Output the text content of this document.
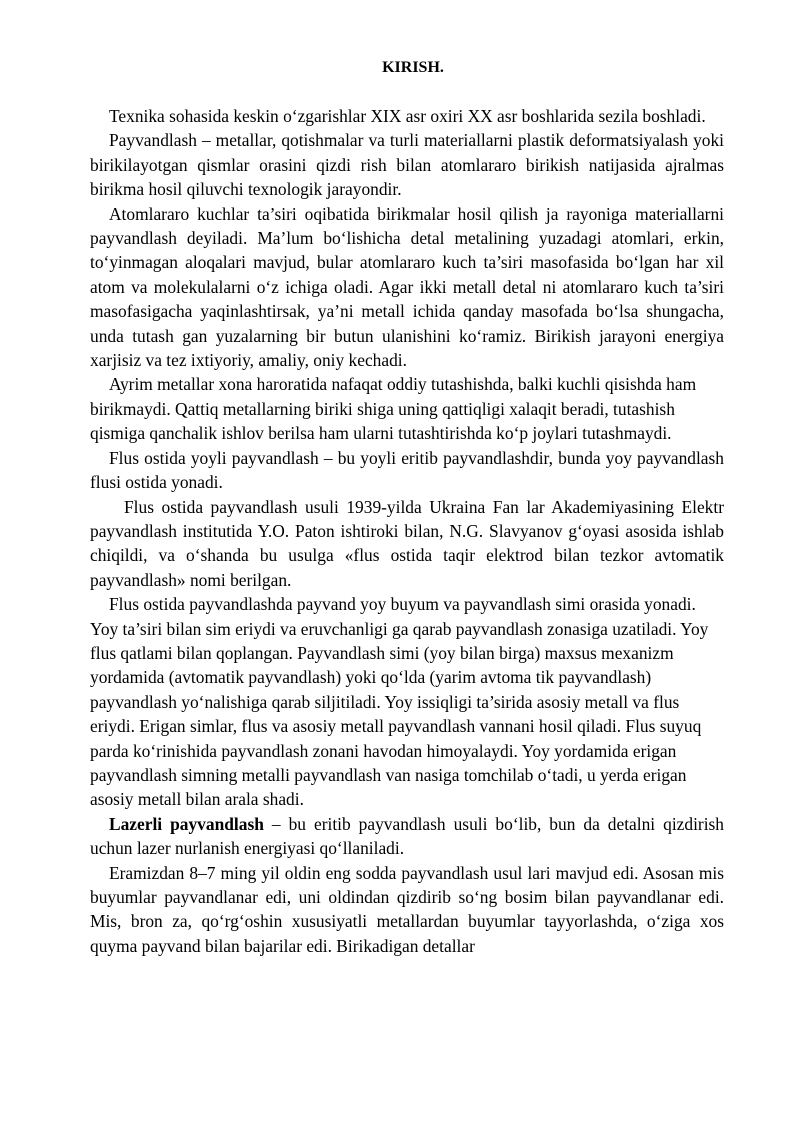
KIRISH.

Texnika sohasida keskin o‘zgarishlar XIX asr oxiri XX asr boshlarida sezila boshladi.

Payvandlash – metallar, qotishmalar va turli materiallarni plastik deformatsiyalash yoki birikilayotgan qismlar orasini qizdi rish bilan atomlararo birikish natijasida ajralmas birikma hosil qiluvchi texnologik jarayondir.

Atomlararo kuchlar ta’siri oqibatida birikmalar hosil qilish ja rayoniga materiallarni payvandlash deyiladi. Ma’lum bo‘lishicha detal metalining yuzadagi atomlari, erkin, to‘yinmagan aloqalari mavjud, bular atomlararo kuch ta’siri masofasida bo‘lgan har xil atom va molekulalarni o‘z ichiga oladi. Agar ikki metall detal ni atomlararo kuch ta’siri masofasigacha yaqinlashtirsak, ya’ni metall ichida qanday masofada bo‘lsa shungacha, unda tutash gan yuzalarning bir butun ulanishini ko‘ramiz. Birikish jarayoni energiya xarjisiz va tez ixtiyoriy, amaliy, oniy kechadi.

Ayrim metallar xona haroratida nafaqat oddiy tutashishda, balki kuchli qisishda ham birikmaydi. Qattiq metallarning biriki shiga uning qattiqligi xalaqit beradi, tutashish qismiga qanchalik ishlov berilsa ham ularni tutashtirishda ko‘p joylari tutashmaydi.

Flus ostida yoyli payvandlash – bu yoyli eritib payvandlashdir, bunda yoy payvandlash flusi ostida yonadi.

Flus ostida payvandlash usuli 1939-yilda Ukraina Fan lar Akademiyasining Elektr payvandlash institutida Y.O. Paton ishtiroki bilan, N.G. Slavyanov g‘oyasi asosida ishlab chiqildi, va o‘shanda bu usulga «flus ostida taqir elektrod bilan tezkor avtomatik payvandlash» nomi berilgan.

Flus ostida payvandlashda payvand yoy buyum va payvandlash simi orasida yonadi. Yoy ta’siri bilan sim eriydi va eruvchanligi ga qarab payvandlash zonasiga uzatiladi. Yoy flus qatlami bilan qoplangan. Payvandlash simi (yoy bilan birga) maxsus mexanizm yordamida (avtomatik payvandlash) yoki qo‘lda (yarim avtoma tik payvandlash) payvandlash yo‘nalishiga qarab siljitiladi. Yoy issiqligi ta’sirida asosiy metall va flus eriydi. Erigan simlar, flus va asosiy metall payvandlash vannani hosil qiladi. Flus suyuq parda ko‘rinishida payvandlash zonani havodan himoyalaydi. Yoy yordamida erigan payvandlash simning metalli payvandlash van nasiga tomchilab o‘tadi, u yerda erigan asosiy metall bilan arala shadi.

Lazerli payvandlash – bu eritib payvandlash usuli bo‘lib, bun da detalni qizdirish uchun lazer nurlanish energiyasi qo‘llaniladi.

Eramizdan 8–7 ming yil oldin eng sodda payvandlash usul lari mavjud edi. Asosan mis buyumlar payvandlanar edi, uni oldindan qizdirib so‘ng bosim bilan payvandlanar edi. Mis, bron za, qo‘rg‘oshin xususiyatli metallardan buyumlar tayyorlashda, o‘ziga xos quyma payvand bilan bajarilar edi. Birikadigan detallar
